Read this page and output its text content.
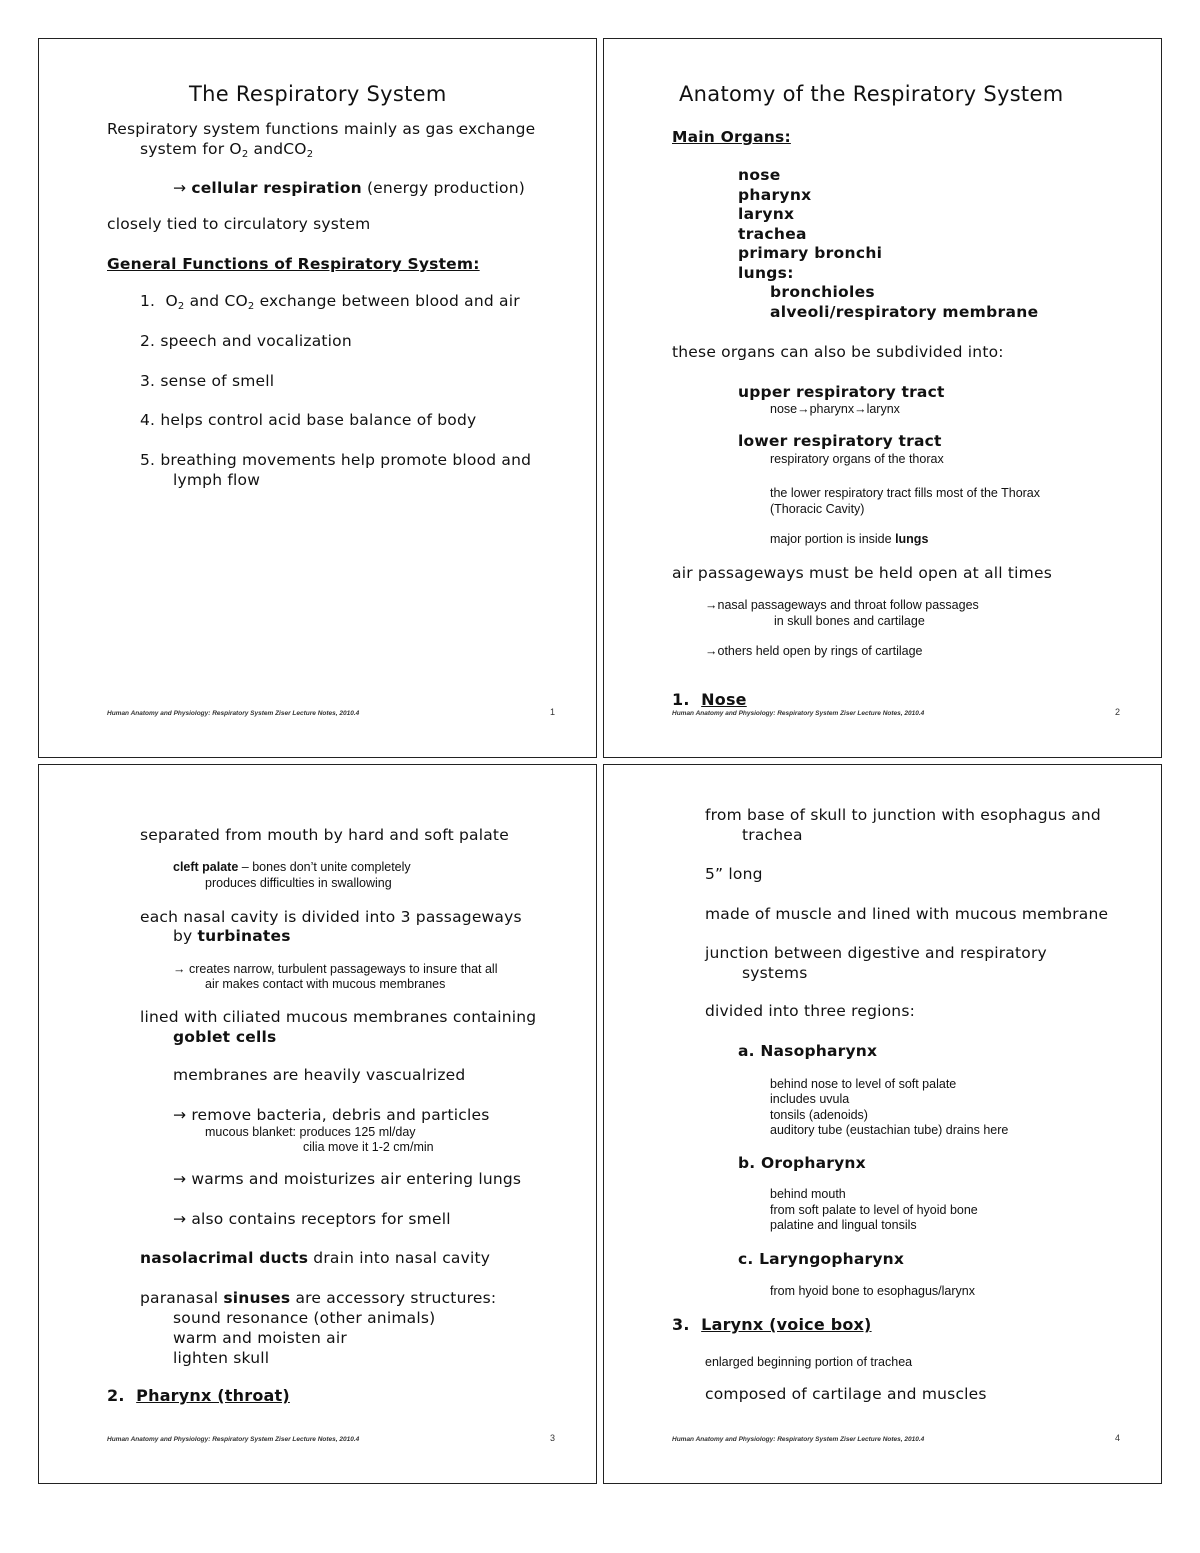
The Respiratory System
Respiratory system functions mainly as gas exchange
system for $O_2$ andCO$_2$
→ cellular respiration (energy production)
closely tied to circulatory system
General Functions of Respiratory System:
1. $O_2$ and $CO_2$ exchange between blood and air
2. speech and vocalization
3. sense of smell
4. helps control acid base balance of body
5. breathing movements help promote blood and
lymph flow
Human Anatomy and Physiology: Respiratory System Ziser Lecture Notes, 2010.4	1
Anatomy of the Respiratory System
Main Organs:
nose
pharynx
larynx
trachea
primary bronchi
lungs:
bronchioles
alveoli/respiratory membrane
these organs can also be subdivided into:
upper respiratory tract
nose→pharynx→larynx
lower respiratory tract
respiratory organs of the thorax
the lower respiratory tract fills most of the Thorax
(Thoracic Cavity)
major portion is inside lungs
air passageways must be held open at all times
→nasal passageways and throat follow passages
in skull bones and cartilage
→others held open by rings of cartilage
1. Nose
Human Anatomy and Physiology: Respiratory System Ziser Lecture Notes, 2010.4	2
separated from mouth by hard and soft palate
cleft palate – bones don’t unite completely
produces difficulties in swallowing
each nasal cavity is divided into 3 passageways
by turbinates
→ creates narrow, turbulent passageways to insure that all
air makes contact with mucous membranes
lined with ciliated mucous membranes containing
goblet cells
membranes are heavily vascualrized
→ remove bacteria, debris and particles
mucous blanket: produces 125 ml/day
cilia move it 1-2 cm/min
→ warms and moisturizes air entering lungs
→ also contains receptors for smell
nasolacrimal ducts drain into nasal cavity
paranasal sinuses are accessory structures:
sound resonance (other animals)
warm and moisten air
lighten skull
2. Pharynx (throat)
Human Anatomy and Physiology: Respiratory System Ziser Lecture Notes, 2010.4	3
from base of skull to junction with esophagus and
trachea
5” long
made of muscle and lined with mucous membrane
junction between digestive and respiratory
systems
divided into three regions:
a. Nasopharynx
behind nose to level of soft palate
includes uvula
tonsils (adenoids)
auditory tube (eustachian tube) drains here
b. Oropharynx
behind mouth
from soft palate to level of hyoid bone
palatine and lingual tonsils
c. Laryngopharynx
from hyoid bone to esophagus/larynx
3. Larynx (voice box)
enlarged beginning portion of trachea
composed of cartilage and muscles
Human Anatomy and Physiology: Respiratory System Ziser Lecture Notes, 2010.4	4
